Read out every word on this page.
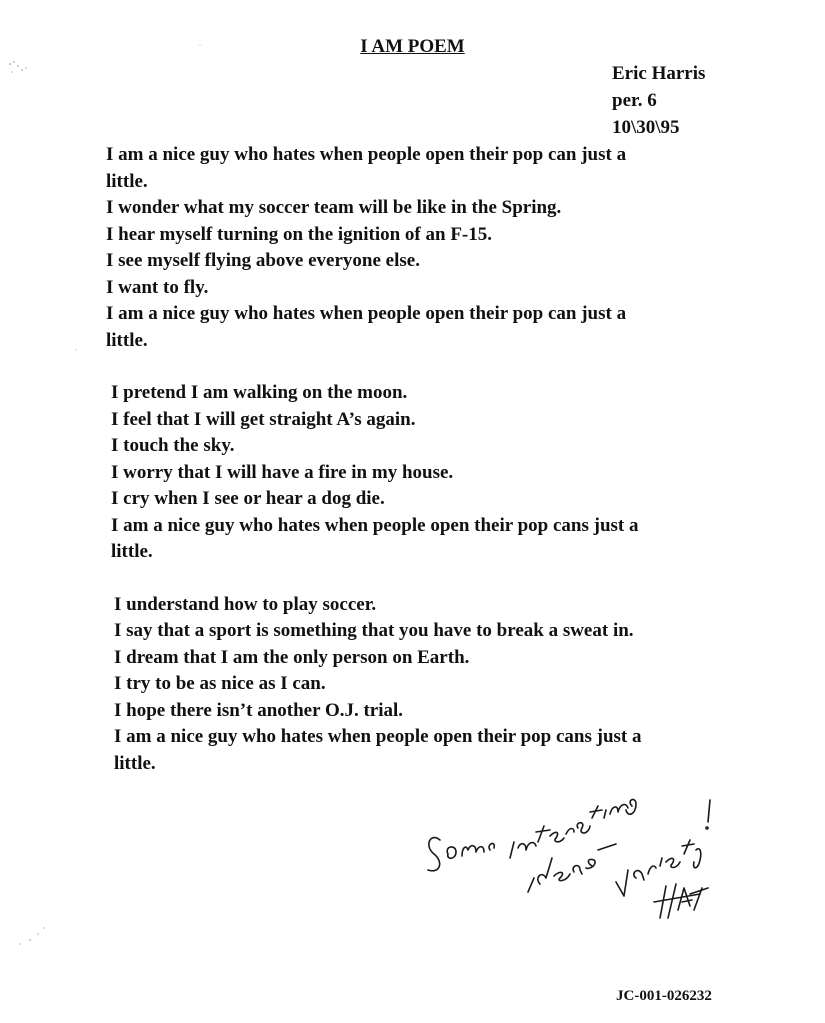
I AM POEM
Eric Harris
per. 6
10\30\95
I am a nice guy who hates when people open their pop can just a
little.
I wonder what my soccer team will be like in the Spring.
I hear myself turning on the ignition of an F-15.
I see myself flying above everyone else.
I want to fly.
I am a nice guy who hates when people open their pop can just a
little.
I pretend I am walking on the moon.
I feel that I will get straight A’s again.
I touch the sky.
I worry that I will have a fire in my house.
I cry when I see or hear a dog die.
I am a nice guy who hates when people open their pop cans just a
little.
I understand how to play soccer.
I say that a sport is something that you have to break a sweat in.
I dream that I am the only person on Earth.
I try to be as nice as I can.
I hope there isn’t another O.J. trial.
I am a nice guy who hates when people open their pop cans just a
little.
JC-001-026232
